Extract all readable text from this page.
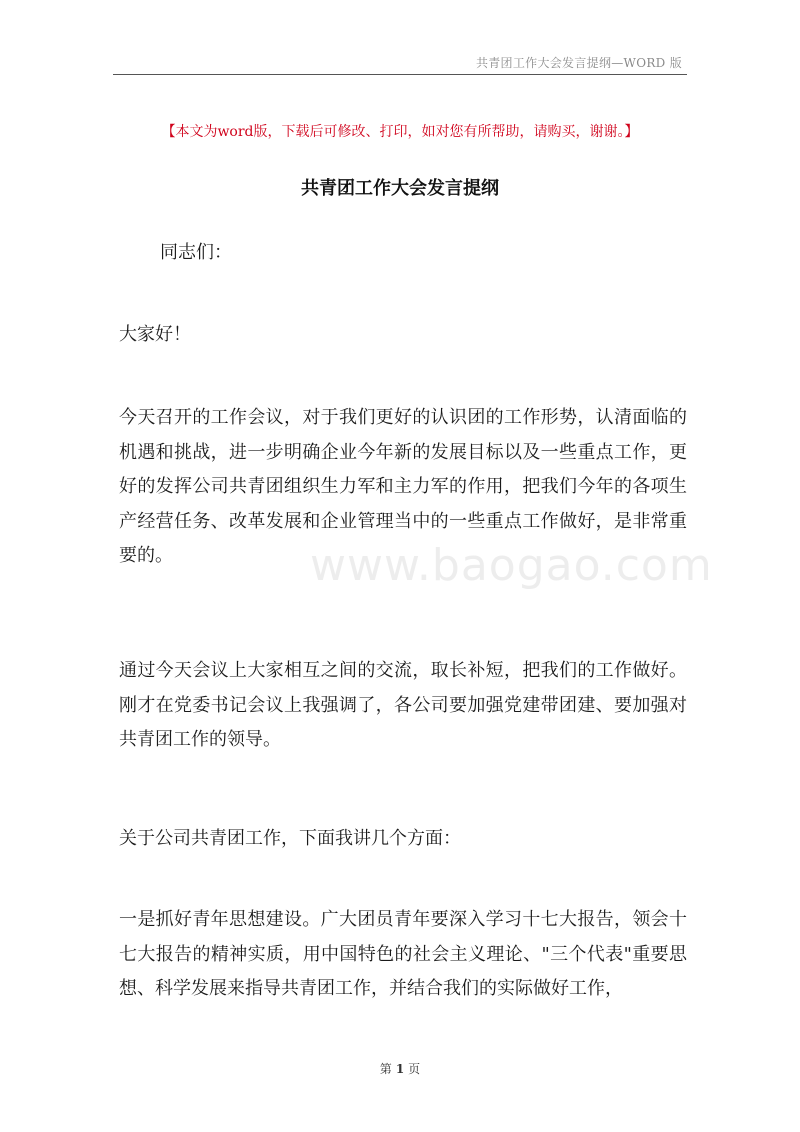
共青团工作大会发言提纲—WORD 版
www.baogao.com
【本文为word版，下载后可修改、打印，如对您有所帮助，请购买，谢谢。】
共青团工作大会发言提纲
同志们：
大家好！
今天召开的工作会议，对于我们更好的认识团的工作形势，认清面临的机遇和挑战，进一步明确企业今年新的发展目标以及一些重点工作，更好的发挥公司共青团组织生力军和主力军的作用，把我们今年的各项生产经营任务、改革发展和企业管理当中的一些重点工作做好，是非常重要的。
通过今天会议上大家相互之间的交流，取长补短，把我们的工作做好。刚才在党委书记会议上我强调了，各公司要加强党建带团建、要加强对共青团工作的领导。
关于公司共青团工作，下面我讲几个方面：
一是抓好青年思想建设。广大团员青年要深入学习十七大报告，领会十七大报告的精神实质，用中国特色的社会主义理论、"三个代表"重要思想、科学发展来指导共青团工作，并结合我们的实际做好工作，
第 1 页
